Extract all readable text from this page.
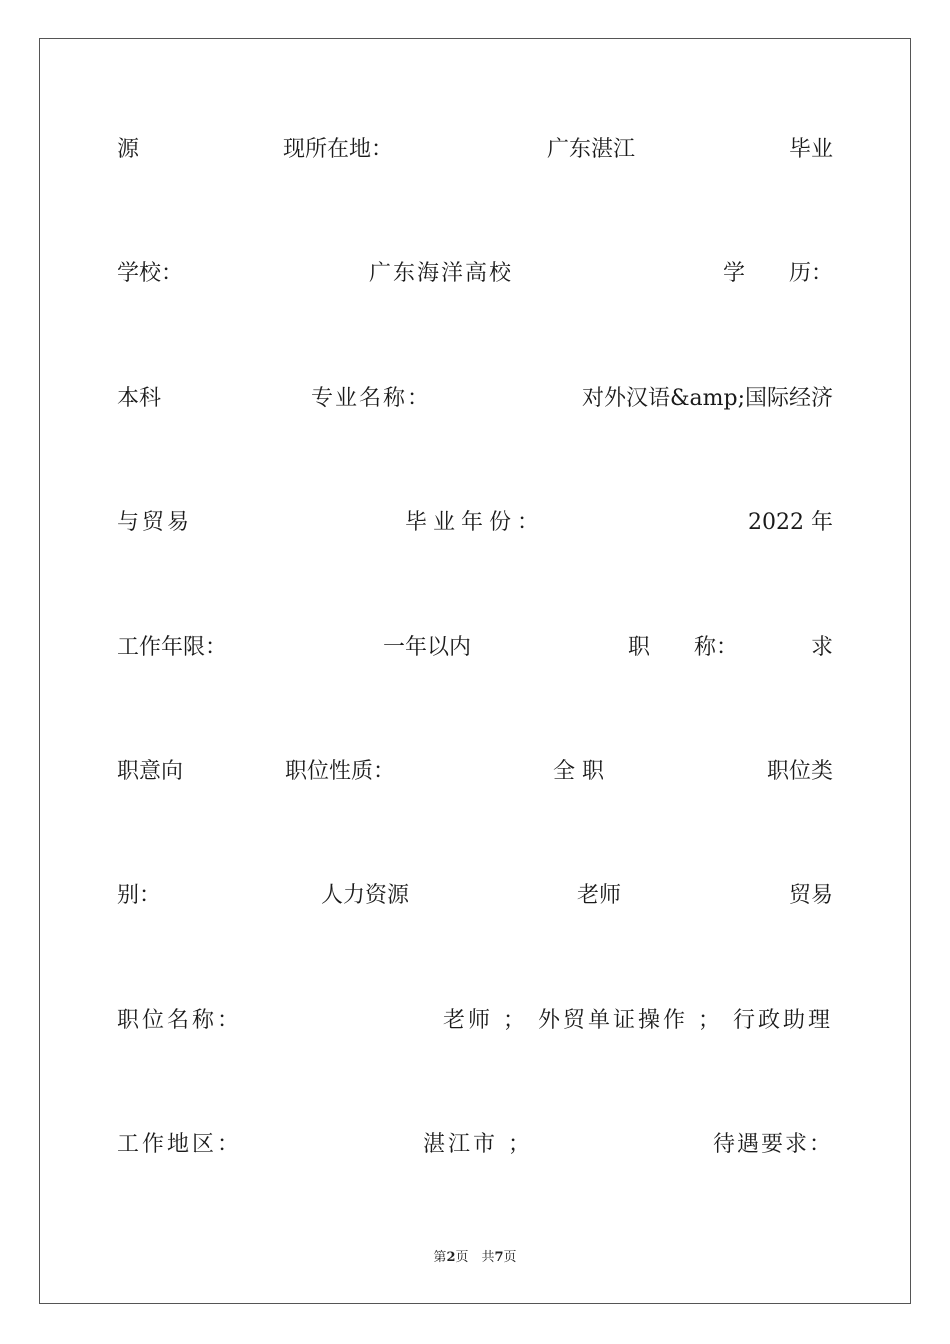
源	现所在地：	广东湛江	毕业
学校：	广东海洋高校	学　　历：
本科	专业名称：	对外汉语&amp;国际经济
与贸易	毕业年份：	2022 年
工作年限：	一年以内	职　　称：	求
职意向	职位性质：	全 职	职位类
别：	人力资源	老师	贸易
职位名称：	老师 ； 外贸单证操作 ； 行政助理
工作地区：	湛江市 ；	待遇要求：
第2页　共7页
